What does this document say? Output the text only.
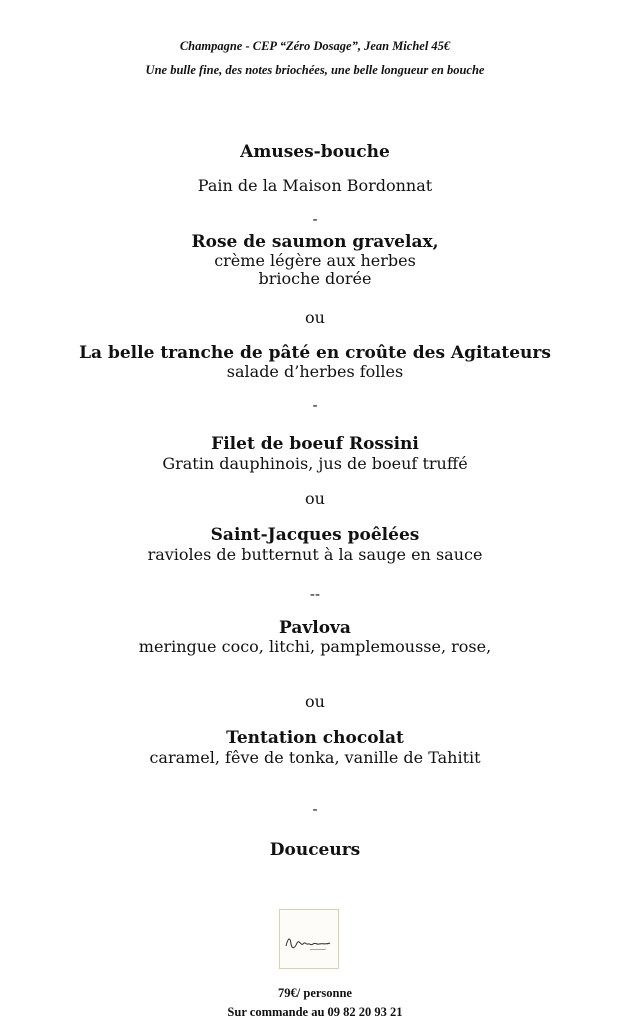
Champagne - CEP “Zéro Dosage”, Jean Michel 45€
Une bulle fine, des notes briochées, une belle longueur en bouche
Amuses-bouche
Pain de la Maison Bordonnat
-
Rose de saumon gravelax,
crème légère aux herbes
brioche dorée
ou
La belle tranche de pâté en croûte des Agitateurs
salade d’herbes folles
-
Filet de boeuf Rossini
Gratin dauphinois, jus de boeuf truffé
ou
Saint-Jacques poêlées
ravioles de butternut à la sauge en sauce
--
Pavlova
meringue coco, litchi, pamplemousse, rose,
ou
Tentation chocolat
caramel, fêve de tonka, vanille de Tahitit
-
Douceurs
79€/ personne
Sur commande au 09 82 20 93 21
